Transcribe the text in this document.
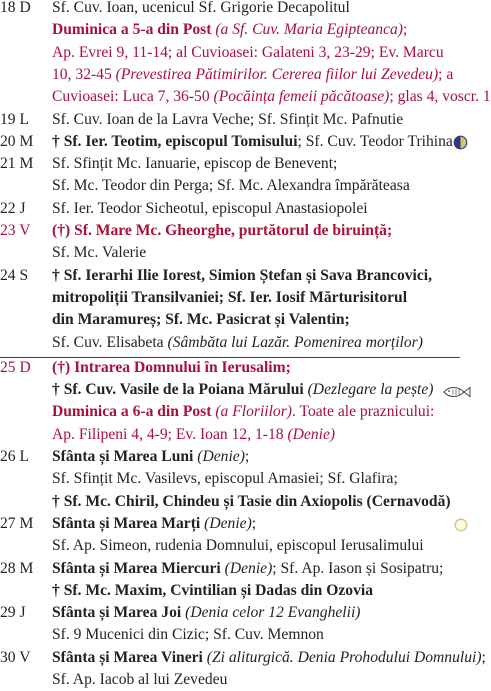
18 D Sf. Cuv. Ioan, ucenicul Sf. Grigorie Decapolitul
Duminica a 5-a din Post (a Sf. Cuv. Maria Egipteanca);
Ap. Evrei 9, 11-14; al Cuvioasei: Galateni 3, 23-29; Ev. Marcu
10, 32-45 (Prevestirea Pătimirilor. Cererea fiilor lui Zevedeu); a
Cuvioasei: Luca 7, 36-50 (Pocăința femeii păcătoase); glas 4, voscr. 1
19 L Sf. Cuv. Ioan de la Lavra Veche; Sf. Sfințit Mc. Pafnutie
20 M † Sf. Ier. Teotim, episcopul Tomisului; Sf. Cuv. Teodor Trihina
21 M Sf. Sfințit Mc. Ianuarie, episcop de Benevent;
Sf. Mc. Teodor din Perga; Sf. Mc. Alexandra împărăteasa
22 J Sf. Ier. Teodor Sicheotul, episcopul Anastasiopolei
23 V (†) Sf. Mare Mc. Gheorghe, purtătorul de biruință;
Sf. Mc. Valerie
24 S † Sf. Ierarhi Ilie Iorest, Simion Ștefan și Sava Brancovici,
mitropoliții Transilvaniei; Sf. Ier. Iosif Mărturisitorul
din Maramureș; Sf. Mc. Pasicrat și Valentin;
Sf. Cuv. Elisabeta (Sâmbăta lui Lazăr. Pomenirea morților)
25 D (†) Intrarea Domnului în Ierusalim;
† Sf. Cuv. Vasile de la Poiana Mărului (Dezlegare la pește)
Duminica a 6-a din Post (a Floriilor). Toate ale praznicului:
Ap. Filipeni 4, 4-9; Ev. Ioan 12, 1-18 (Denie)
26 L Sfânta și Marea Luni (Denie);
Sf. Sfințit Mc. Vasilevs, episcopul Amasiei; Sf. Glafira;
† Sf. Mc. Chiril, Chindeu și Tasie din Axiopolis (Cernavodă)
27 M Sfânta și Marea Marți (Denie);
Sf. Ap. Simeon, rudenia Domnului, episcopul Ierusalimului
28 M Sfânta și Marea Miercuri (Denie); Sf. Ap. Iason și Sosipatru;
† Sf. Mc. Maxim, Cvintilian și Dadas din Ozovia
29 J Sfânta și Marea Joi (Denia celor 12 Evanghelii)
Sf. 9 Mucenici din Cizic; Sf. Cuv. Memnon
30 V Sfânta și Marea Vineri (Zi aliturgică. Denia Prohodului Domnului);
Sf. Ap. Iacob al lui Zevedeu
